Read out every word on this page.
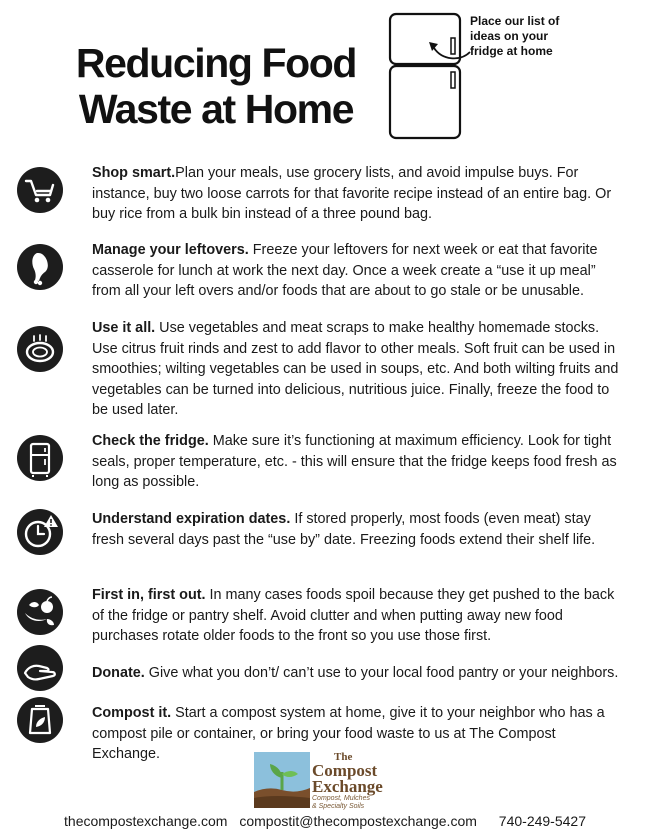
Reducing Food
Waste at Home
Place our list of ideas on your fridge at home
Shop smart.Plan your meals, use grocery lists, and avoid impulse buys. For instance, buy two loose carrots for that favorite recipe instead of an entire bag. Or buy rice from a bulk bin instead of a three pound bag.
Manage your leftovers. Freeze your leftovers for next week or eat that favorite casserole for lunch at work the next day. Once a week create a “use it up meal” from all your left overs and/or foods that are about to go stale or be unusable.
Use it all. Use vegetables and meat scraps to make healthy homemade stocks. Use citrus fruit rinds and zest to add flavor to other meals. Soft fruit can be used in smoothies; wilting vegetables can be used in soups, etc. And both wilting fruits and vegetables can be turned into delicious, nutritious juice. Finally, freeze the food to be used later.
Check the fridge. Make sure it’s functioning at maximum efficiency. Look for tight seals, proper temperature, etc. - this will ensure that the fridge keeps food fresh as long as possible.
Understand expiration dates. If stored properly, most foods (even meat) stay fresh several days past the “use by” date. Freezing foods extend their shelf life.
First in, first out. In many cases foods spoil because they get pushed to the back of the fridge or pantry shelf. Avoid clutter and when putting away new food purchases rotate older foods to the front so you use those first.
Donate. Give what you don’t/ can’t use to your local food pantry or your neighbors.
Compost it. Start a compost system at home, give it to your neighbor who has a compost pile or container, or bring your food waste to us at The Compost Exchange.	The
Compost
Exchange
Compost, Mulches
& Specialty Soils
thecompostexchange.com compostit@thecompostexchange.com 740-249-5427
